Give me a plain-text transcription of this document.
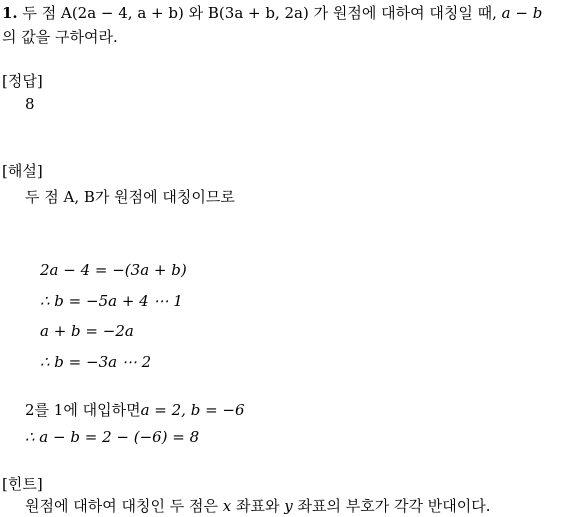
1. 두 점 A(2a − 4, a + b) 와 B(3a + b, 2a) 가 원점에 대하여 대칭일 때, a − b
의 값을 구하여라.
[정답]
8
[해설]
두 점 A, B가 원점에 대칭이므로
2a − 4 = −(3a + b)
∴ b = −5a + 4 ⋯ 1
a + b = −2a
∴ b = −3a ⋯ 2
2를 1에 대입하면a = 2, b = −6
∴ a − b = 2 − (−6) = 8
[힌트]
원점에 대하여 대칭인 두 점은 x 좌표와 y 좌표의 부호가 각각 반대이다.
